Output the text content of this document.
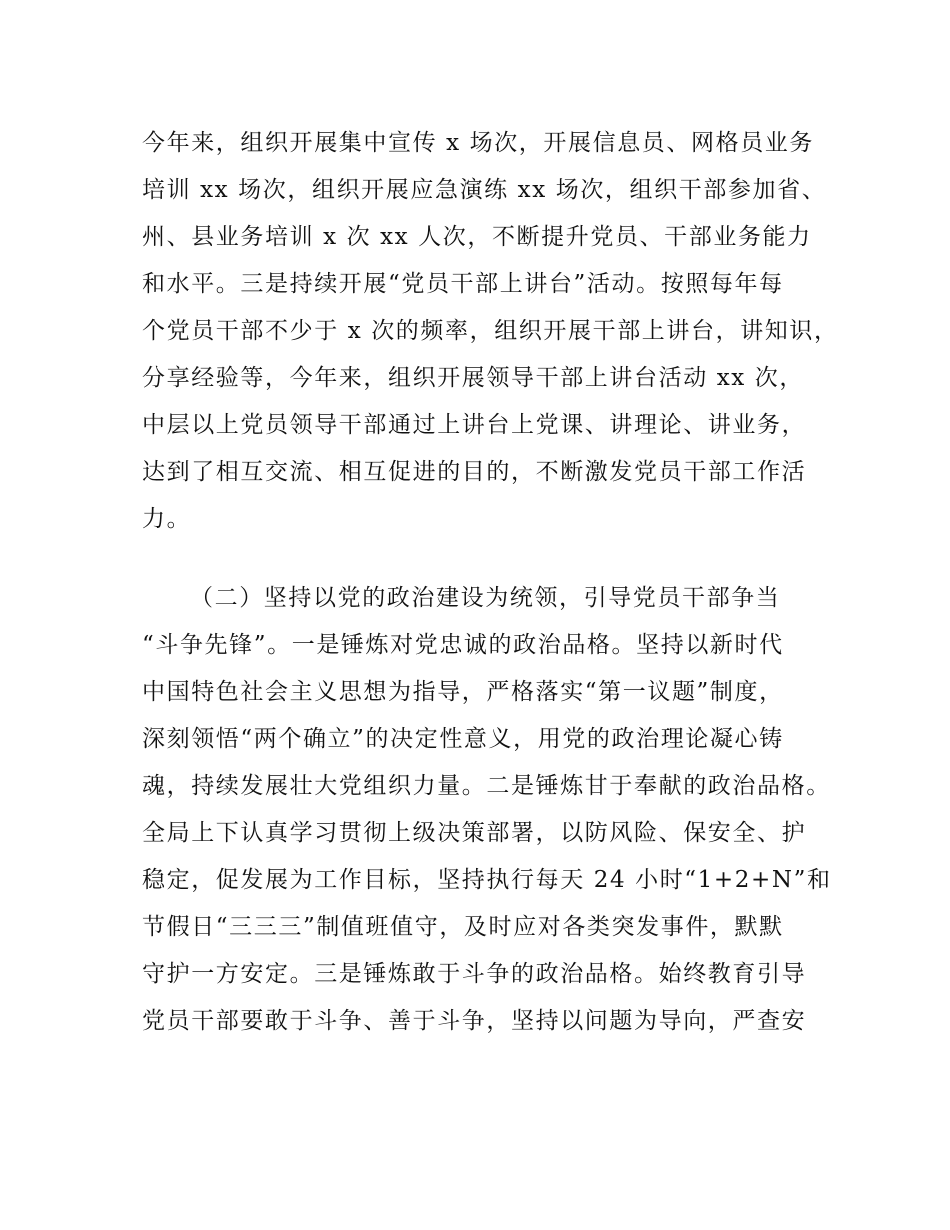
今年来，组织开展集中宣传 x 场次，开展信息员、网格员业务
培训 xx 场次，组织开展应急演练 xx 场次，组织干部参加省、
州、县业务培训 x 次 xx 人次，不断提升党员、干部业务能力
和水平。三是持续开展“党员干部上讲台”活动。按照每年每
个党员干部不少于 x 次的频率，组织开展干部上讲台，讲知识，
分享经验等，今年来，组织开展领导干部上讲台活动 xx 次，
中层以上党员领导干部通过上讲台上党课、讲理论、讲业务，
达到了相互交流、相互促进的目的，不断激发党员干部工作活
力。
（二）坚持以党的政治建设为统领，引导党员干部争当
“斗争先锋”。一是锤炼对党忠诚的政治品格。坚持以新时代
中国特色社会主义思想为指导，严格落实“第一议题”制度，
深刻领悟“两个确立”的决定性意义，用党的政治理论凝心铸
魂，持续发展壮大党组织力量。二是锤炼甘于奉献的政治品格。
全局上下认真学习贯彻上级决策部署，以防风险、保安全、护
稳定，促发展为工作目标，坚持执行每天 24 小时“1+2+N”和
节假日“三三三”制值班值守，及时应对各类突发事件，默默
守护一方安定。三是锤炼敢于斗争的政治品格。始终教育引导
党员干部要敢于斗争、善于斗争，坚持以问题为导向，严查安
